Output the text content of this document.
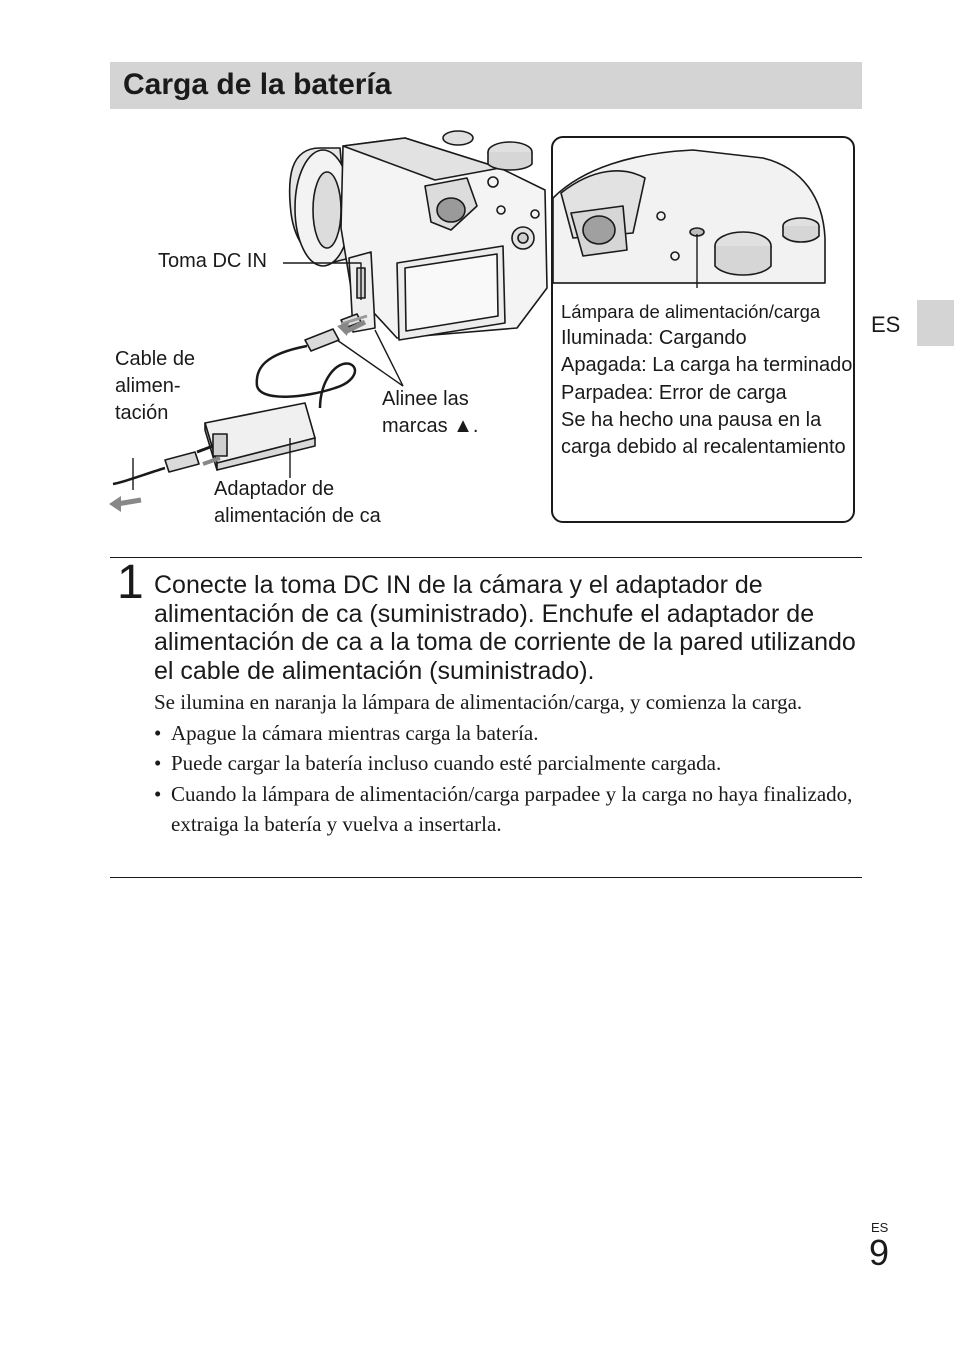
Carga de la batería
ES
Toma DC IN
Cable de
alimen-
tación
Alinee las
marcas ▲.
Adaptador de
alimentación de ca
Lámpara de alimentación/carga
Iluminada: Cargando
Apagada: La carga ha terminado
Parpadea: Error de carga
Se ha hecho una pausa en la carga debido al recalentamiento
1 Conecte la toma DC IN de la cámara y el adaptador de alimentación de ca (suministrado). Enchufe el adaptador de alimentación de ca a la toma de corriente de la pared utilizando el cable de alimentación (suministrado).
Se ilumina en naranja la lámpara de alimentación/carga, y comienza la carga.
• Apague la cámara mientras carga la batería.
• Puede cargar la batería incluso cuando esté parcialmente cargada.
• Cuando la lámpara de alimentación/carga parpadee y la carga no haya finalizado, extraiga la batería y vuelva a insertarla.
ES
9
